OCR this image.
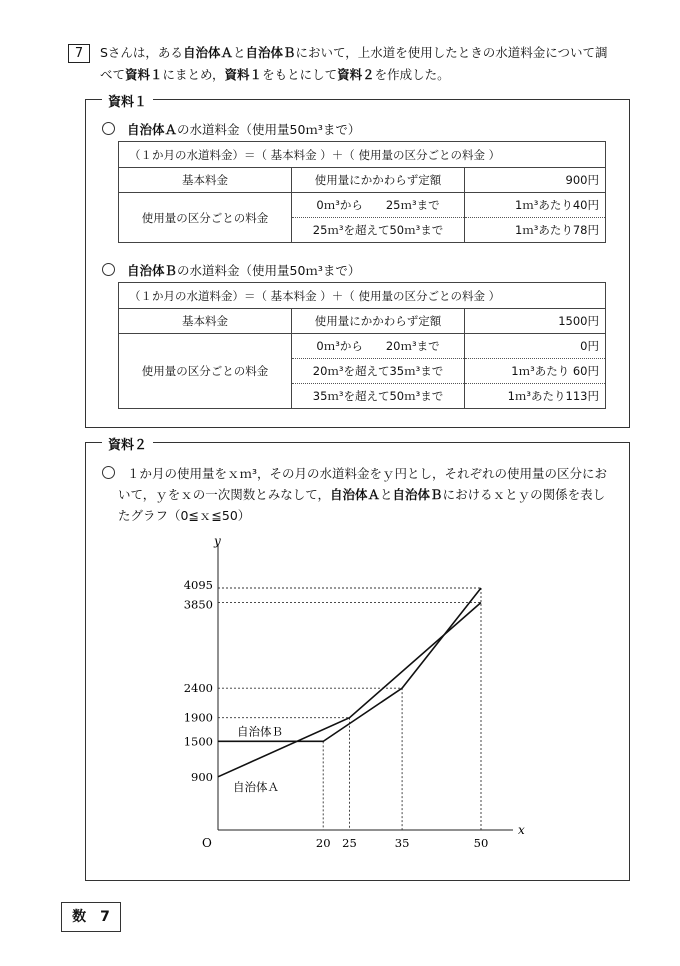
7	Sさんは，ある自治体Ａと自治体Ｂにおいて，上水道を使用したときの水道料金について調
べて資料１にまとめ，資料１をもとにして資料２を作成した。
資料１
自治体Ａの水道料金（使用量50ｍ³まで）
（１か月の水道料金）＝（ 基本料金 ）＋（ 使用量の区分ごとの料金 ）		
基本料金	使用量にかかわらず定額	900円
使用量の区分ごとの料金	0ｍ³から　　25ｍ³まで	1ｍ³あたり40円
	25ｍ³を超えて50ｍ³まで	1ｍ³あたり78円
自治体Ｂの水道料金（使用量50ｍ³まで）
（１か月の水道料金）＝（ 基本料金 ）＋（ 使用量の区分ごとの料金 ）		
基本料金	使用量にかかわらず定額	1500円
使用量の区分ごとの料金	0ｍ³から　　20ｍ³まで	0円
	20ｍ³を超えて35ｍ³まで	1ｍ³あたり 60円
	35ｍ³を超えて50ｍ³まで	1ｍ³あたり113円
資料２
１か月の使用量をｘｍ³，その月の水道料金をｙ円とし，それぞれの使用量の区分にお
いて，ｙをｘの一次関数とみなして，自治体Ａと自治体Ｂにおけるｘとｙの関係を表し
たグラフ（0≦ｘ≦50）
x
y
O	20 25	35	50
900
1500
1900
2400
3850
4095
自治体Ｂ
自治体Ａ
数　7
